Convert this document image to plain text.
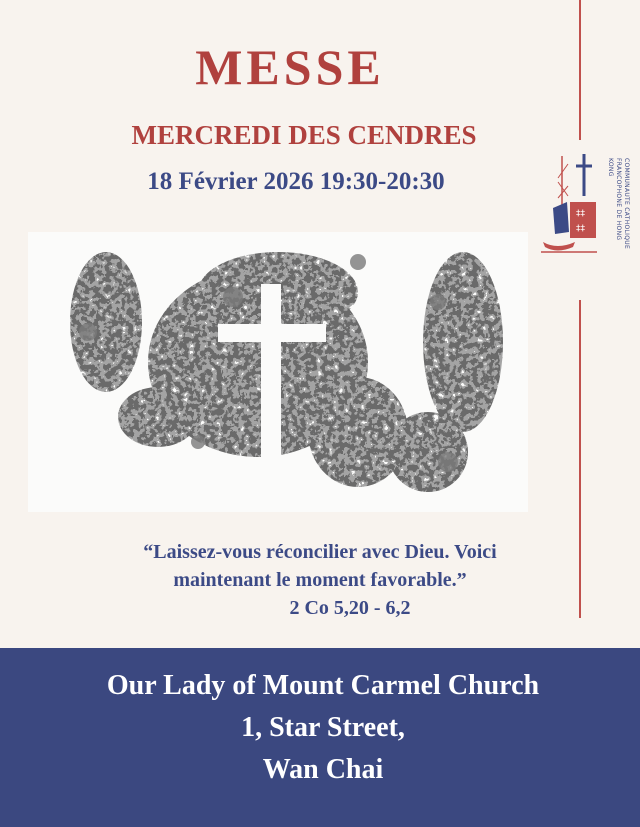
MESSE
MERCREDI DES CENDRES
18 Février 2026 19:30-20:30
‡‡
‡‡	COMMUNAUTE CATHOLIQUE
FRANCOPHONE DE HONG KONG
“Laissez-vous réconcilier avec Dieu. Voici
maintenant le moment favorable.”
2 Co 5,20 - 6,2
Our Lady of Mount Carmel Church
1, Star Street,
Wan Chai
